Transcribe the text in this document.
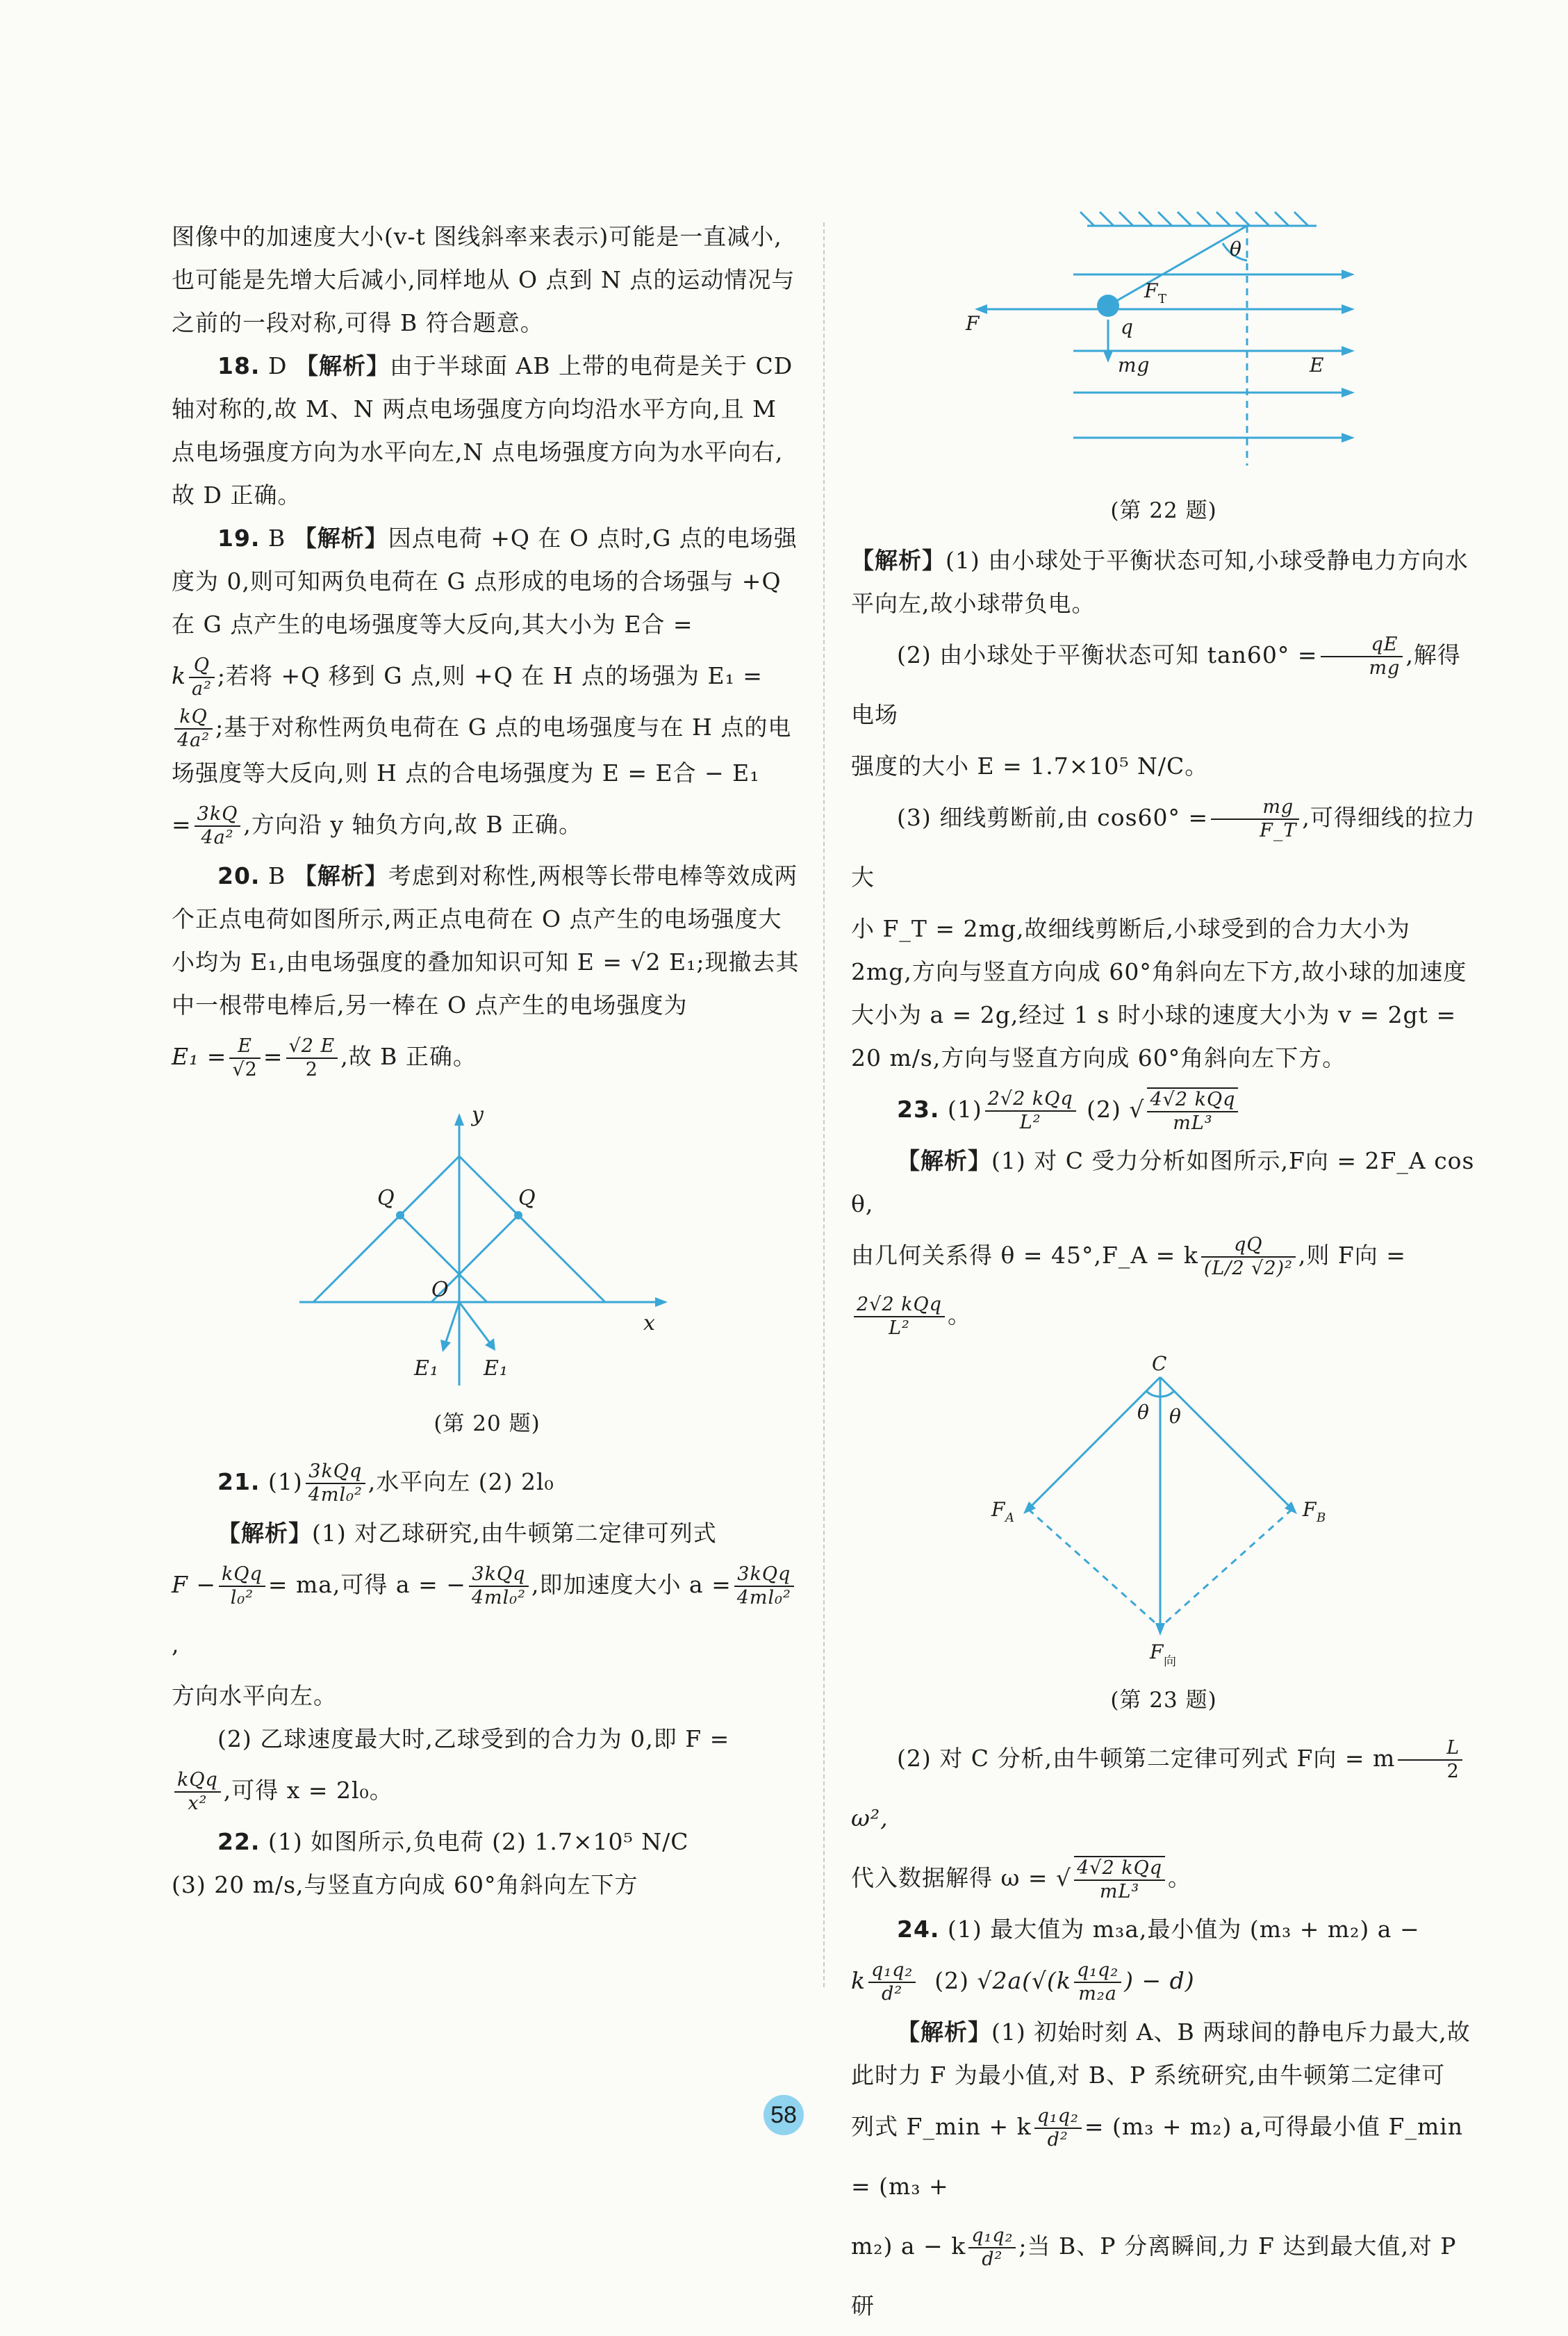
图像中的加速度大小(v-t 图线斜率来表示)可能是一直减小,也可能是先增大后减小,同样地从 O 点到 N 点的运动情况与之前的一段对称,可得 B 符合题意。

18. D 【解析】由于半球面 AB 上带的电荷是关于 CD 轴对称的,故 M、N 两点电场强度方向均沿水平方向,且 M 点电场强度方向为水平向左,N 点电场强度方向为水平向右,故 D 正确。

19. B 【解析】因点电荷 +Q 在 O 点时,G 点的电场强度为 0,则可知两负电荷在 G 点形成的电场的合场强与 +Q 在 G 点产生的电场强度等大反向,其大小为 E合 =

k $\frac{Q}{\text{a²}}$ ;若将 +Q 移到 G 点,则 +Q 在 H 点的场强为 E₁ =

$\frac{kQ}{\text{4a²}}$ ;基于对称性两负电荷在 G 点的电场强度与在 H 点的电场强度等大反向,则 H 点的合电场强度为 E = E合 − E₁

= $\frac{3kQ}{\text{4a²}}$ ,方向沿 y 轴负方向,故 B 正确。

20. B 【解析】考虑到对称性,两根等长带电棒等效成两个正点电荷如图所示,两正点电荷在 O 点产生的电场强度大小均为 E₁,由电场强度的叠加知识可知 E = √2 E₁;现撤去其中一根带电棒后,另一棒在 O 点产生的电场强度为

$E_1 = \frac{E}{√2} = \frac{√2 E}{2}$ ,故 B 正确。

y
x
O
Q	Q
E₁ E₁

(第 20 题)

21. $(1) \frac{\text{3kQq}}{\text{4ml₀²}}$ ,水平向左 (2) 2l₀

【解析】(1) 对乙球研究,由牛顿第二定律可列式

$F - \frac{\text{kQq}}{\text{l₀²}}$ = ma,可得 a = − $\frac{\text{3kQq}}{\text{4ml₀²}}$ ,即加速度大小 $a = \frac{\text{3kQq}}{\text{4ml₀²}}$
,

方向水平向左。

(2) 乙球速度最大时,乙球受到的合力为 0,即 F =

$\frac{\text{kQq}}{\text{x²}}$ ,可得 x = 2l₀。

22. (1) 如图所示,负电荷 (2) 1.7×10⁵ N/C

(3) 20 m/s,与竖直方向成 60°角斜向左下方

θ
F T
F	q
mg	E

(第 22 题)

【解析】(1) 由小球处于平衡状态可知,小球受静电力方向水平向左,故小球带负电。

(2) 由小球处于平衡状态可知 $\tan 60^\circ = \frac{qE}{mg}$ ,解得电场

强度的大小 E = 1.7×10⁵ N/C。

(3) 细线剪断前,由 $\cos 60^\circ = \frac{mg}{F\_T}$ ,可得细线的拉力大

小 F_T = 2mg,故细线剪断后,小球受到的合力大小为 2mg,方向与竖直方向成 60°角斜向左下方,故小球的加速度大小为 a = 2g,经过 1 s 时小球的速度大小为 v = 2gt = 20 m/s,方向与竖直方向成 60°角斜向左下方。

23. $(1) \frac{\text{2√2 kQq}}{\text{L²}} (2)$ √ $\frac{\text{4√2 kQq}}{\text{mL³}}$

【解析】(1) 对 C 受力分析如图所示,F向 = 2F_A cos θ,

由几何关系得 θ = 45°,F_A = k $\frac{qQ}{\text{(L/2 √2)²}}$ ,则 F向 =
$\frac{\text{2√2 kQq}}{\text{L²}}$ 。

C
θ θ
F A	F B
F 向

(第 23 题)

(2) 对 C 分析,由牛顿第二定律可列式 F向 = m $\frac{L}{2}$
ω²,

代入数据解得 ω = √ $\frac{\text{4√2 kQq}}{\text{mL³}}$ 。

24. (1) 最大值为 m₃a,最小值为 (m₃ + m₂) a −

k $\frac{\text{q₁q₂}}{\text{d²}} (2)$ $√2a(√(k \frac{\text{q₁q₂}}{\text{m₂a}}$ ) − d)

【解析】(1) 初始时刻 A、B 两球间的静电斥力最大,故此时力 F 为最小值,对 B、P 系统研究,由牛顿第二定律可

列式 F_min + k $\frac{\text{q₁q₂}}{\text{d²}} = (m_3 + m_2)$ a,可得最小值 F_min = (m₃ +

m₂) a − k $\frac{\text{q₁q₂}}{\text{d²}}$ ;当 B、P 分离瞬间,力 F 达到最大值,对 P 研

58
